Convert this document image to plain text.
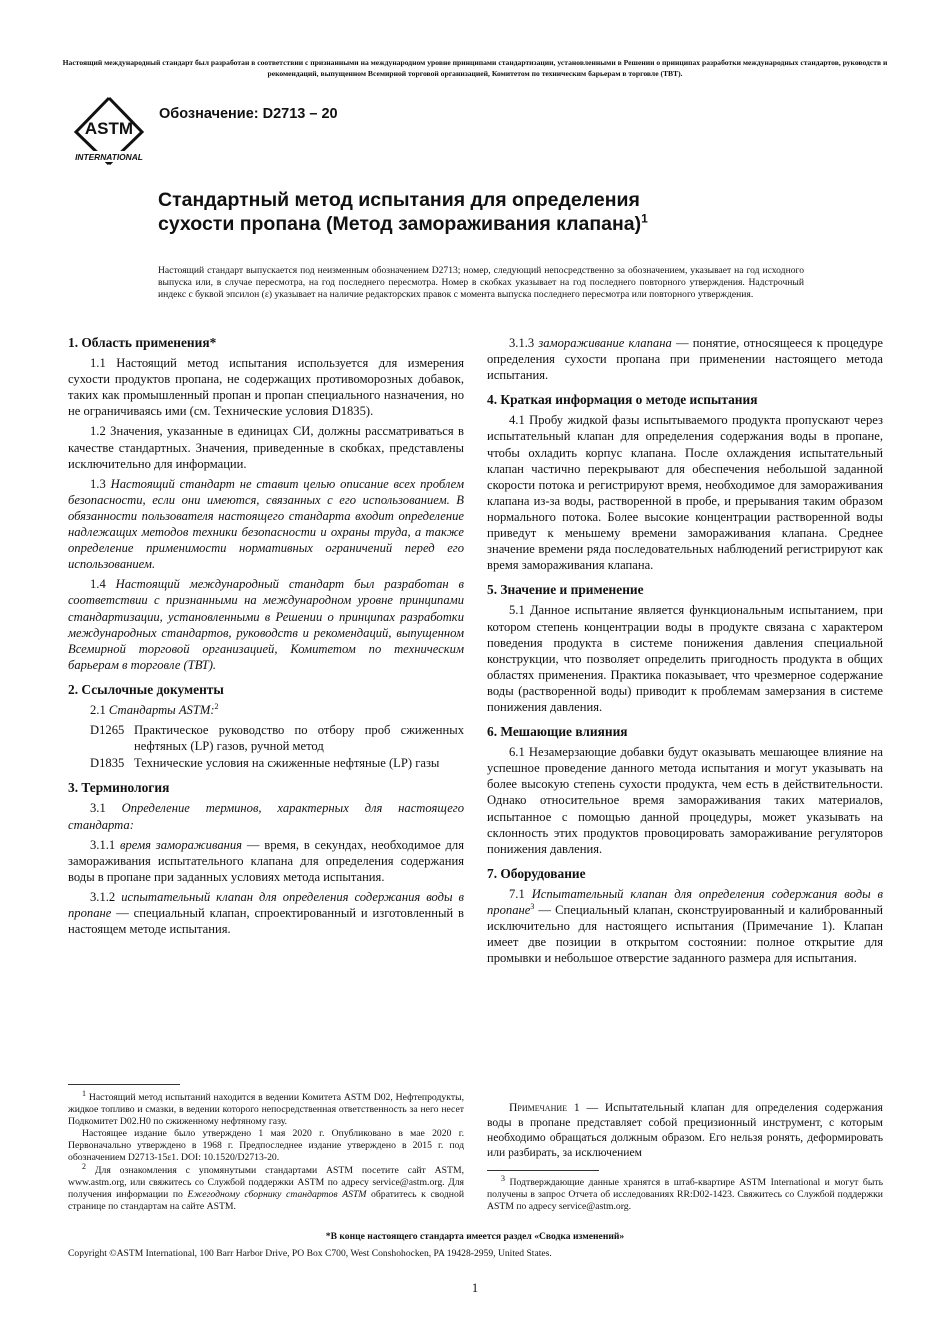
Настоящий международный стандарт был разработан в соответствии с признанными на международном уровне принципами стандартизации, установленными в Решении о принципах разработки международных стандартов, руководств и рекомендаций, выпущенном Всемирной торговой организацией, Комитетом по техническим барьерам в торговле (ТВТ).
ASTM
INTERNATIONAL
Обозначение: D2713 – 20
Стандартный метод испытания для определения
сухости пропана (Метод замораживания клапана)$^1$
Настоящий стандарт выпускается под неизменным обозначением D2713; номер, следующий непосредственно за обозначением, указывает на год исходного выпуска или, в случае пересмотра, на год последнего пересмотра. Номер в скобках указывает на год последнего повторного утверждения. Надстрочный индекс с буквой эпсилон (ε) указывает на наличие редакторских правок с момента выпуска последнего пересмотра или повторного утверждения.
1. Область применения*
1.1 Настоящий метод испытания используется для измерения сухости продуктов пропана, не содержащих противоморозных добавок, таких как промышленный пропан и пропан специального назначения, но не ограничиваясь ими (см. Технические условия D1835).
1.2 Значения, указанные в единицах СИ, должны рассматриваться в качестве стандартных. Значения, приведенные в скобках, представлены исключительно для информации.
1.3 Настоящий стандарт не ставит целью описание всех проблем безопасности, если они имеются, связанных с его использованием. В обязанности пользователя настоящего стандарта входит определение надлежащих методов техники безопасности и охраны труда, а также определение применимости нормативных ограничений перед его использованием.
1.4 Настоящий международный стандарт был разработан в соответствии с признанными на международном уровне принципами стандартизации, установленными в Решении о принципах разработки международных стандартов, руководств и рекомендаций, выпущенном Всемирной торговой организацией, Комитетом по техническим барьерам в торговле (ТВТ).
2. Ссылочные документы
2.1 Стандарты ASTM:$^2$
D1265 Практическое руководство по отбору проб сжиженных нефтяных (LP) газов, ручной метод
D1835 Технические условия на сжиженные нефтяные (LP) газы
3. Терминология
3.1 Определение терминов, характерных для настоящего стандарта:
3.1.1 время замораживания — время, в секундах, необходимое для замораживания испытательного клапана для определения содержания воды в пропане при заданных условиях метода испытания.
3.1.2 испытательный клапан для определения содержания воды в пропане — специальный клапан, спроектированный и изготовленный в настоящем методе испытания.
3.1.3 замораживание клапана — понятие, относящееся к процедуре определения сухости пропана при применении настоящего метода испытания.
4. Краткая информация о методе испытания
4.1 Пробу жидкой фазы испытываемого продукта пропускают через испытательный клапан для определения содержания воды в пропане, чтобы охладить корпус клапана. После охлаждения испытательный клапан частично перекрывают для обеспечения небольшой заданной скорости потока и регистрируют время, необходимое для замораживания клапана из-за воды, растворенной в пробе, и прерывания таким образом нормального потока. Более высокие концентрации растворенной воды приведут к меньшему времени замораживания клапана. Среднее значение времени ряда последовательных наблюдений регистрируют как время замораживания клапана.
5. Значение и применение
5.1 Данное испытание является функциональным испытанием, при котором степень концентрации воды в продукте связана с характером поведения продукта в системе понижения давления специальной конструкции, что позволяет определить пригодность продукта в общих областях применения. Практика показывает, что чрезмерное содержание воды (растворенной воды) приводит к проблемам замерзания в системе понижения давления.
6. Мешающие влияния
6.1 Незамерзающие добавки будут оказывать мешающее влияние на успешное проведение данного метода испытания и могут указывать на более высокую степень сухости продукта, чем есть в действительности. Однако относительное время замораживания таких материалов, испытанное с помощью данной процедуры, может указывать на склонность этих продуктов провоцировать замораживание регуляторов понижения давления.
7. Оборудование
7.1 Испытательный клапан для определения содержания воды в пропане$^3$ — Специальный клапан, сконструированный и калиброванный исключительно для настоящего испытания (Примечание 1). Клапан имеет две позиции в открытом состоянии: полное открытие для промывки и небольшое отверстие заданного размера для испытания.
Примечание 1 — Испытательный клапан для определения содержания воды в пропане представляет собой прецизионный инструмент, с которым необходимо обращаться должным образом. Его нельзя ронять, деформировать или разбирать, за исключением

$^1$ Настоящий метод испытаний находится в ведении Комитета ASTM D02, Нефтепродукты, жидкое топливо и смазки, в ведении которого непосредственная ответственность за него несет Подкомитет D02.H0 по сжиженному нефтяному газу.

Настоящее издание было утверждено 1 мая 2020 г. Опубликовано в мае 2020 г. Первоначально утверждено в 1968 г. Предпоследнее издание утверждено в 2015 г. под обозначением D2713-15ε1. DOI: 10.1520/D2713-20.

$^2$ Для ознакомления с упомянутыми стандартами ASTM посетите сайт ASTM, www.astm.org, или свяжитесь со Службой поддержки ASTM по адресу service@astm.org. Для получения информации по Ежегодному сборнику стандартов ASTM обратитесь к сводной странице по стандартам на сайте ASTM.

$^3$ Подтверждающие данные хранятся в штаб-квартире ASTM International и могут быть получены в запрос Отчета об исследованиях RR:D02-1423. Свяжитесь со Службой поддержки ASTM по адресу service@astm.org.

*В конце настоящего стандарта имеется раздел «Сводка изменений»
Copyright ©ASTM International, 100 Barr Harbor Drive, PO Box C700, West Conshohocken, PA 19428-2959, United States.
1
